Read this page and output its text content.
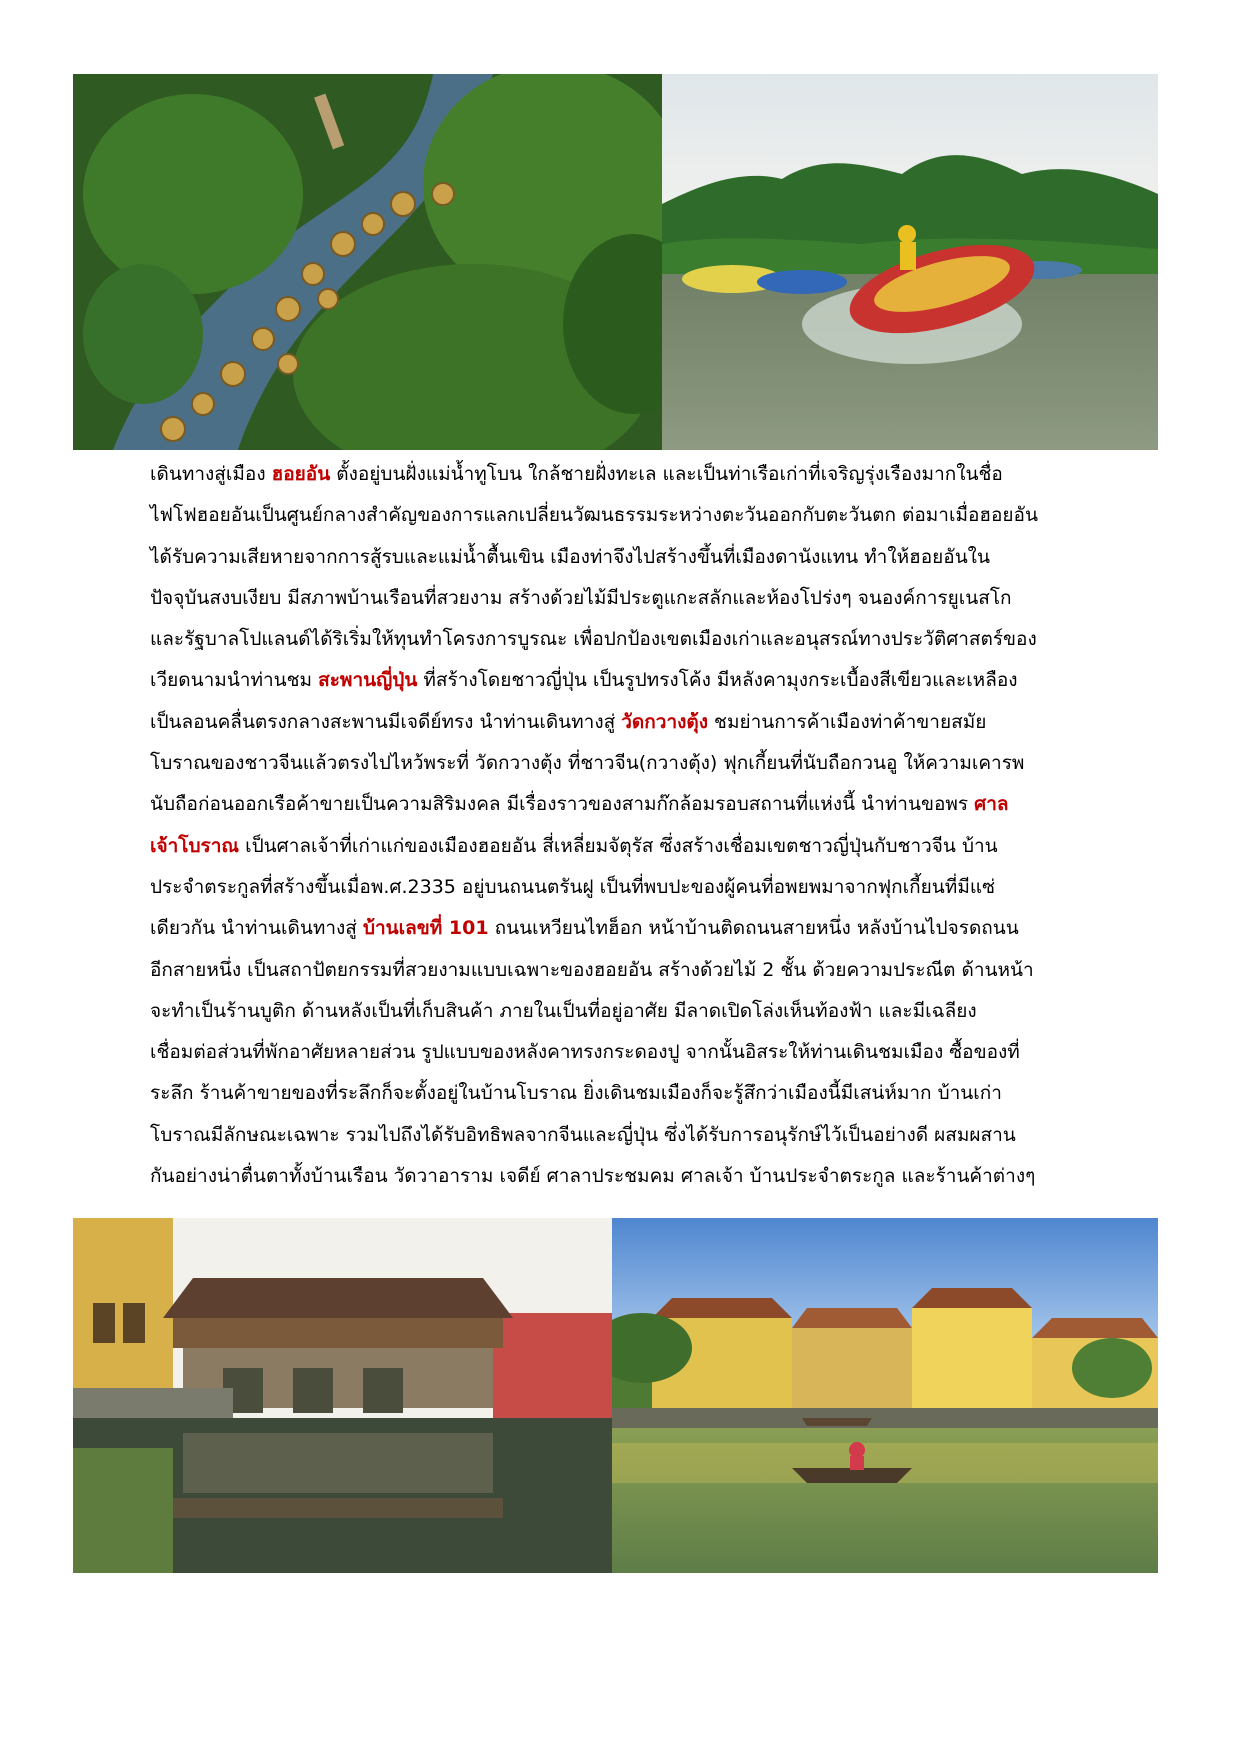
เดินทางสู่เมือง ฮอยอัน ตั้งอยู่บนฝั่งแม่น้ำทูโบน ใกล้ชายฝั่งทะเล และเป็นท่าเรือเก่าที่เจริญรุ่งเรืองมากในชื่อ
ไฟโฟฮอยอันเป็นศูนย์กลางสำคัญของการแลกเปลี่ยนวัฒนธรรมระหว่างตะวันออกกับตะวันตก ต่อมาเมื่อฮอยอัน
ได้รับความเสียหายจากการสู้รบและแม่น้ำตื้นเขิน เมืองท่าจึงไปสร้างขึ้นที่เมืองดานังแทน ทำให้ฮอยอันใน
ปัจจุบันสงบเงียบ มีสภาพบ้านเรือนที่สวยงาม สร้างด้วยไม้มีประตูแกะสลักและห้องโปร่งๆ จนองค์การยูเนสโก
และรัฐบาลโปแลนด์ได้ริเริ่มให้ทุนทำโครงการบูรณะ เพื่อปกป้องเขตเมืองเก่าและอนุสรณ์ทางประวัติศาสตร์ของ
เวียดนามนำท่านชม สะพานญี่ปุ่น ที่สร้างโดยชาวญี่ปุ่น เป็นรูปทรงโค้ง มีหลังคามุงกระเบื้องสีเขียวและเหลือง
เป็นลอนคลื่นตรงกลางสะพานมีเจดีย์ทรง นำท่านเดินทางสู่ วัดกวางตุ้ง ชมย่านการค้าเมืองท่าค้าขายสมัย
โบราณของชาวจีนแล้วตรงไปไหว้พระที่ วัดกวางตุ้ง ที่ชาวจีน(กวางตุ้ง) ฟุกเกี้ยนที่นับถือกวนอู ให้ความเคารพ
นับถือก่อนออกเรือค้าขายเป็นความสิริมงคล มีเรื่องราวของสามก๊กล้อมรอบสถานที่แห่งนี้ นำท่านขอพร ศาล
เจ้าโบราณ เป็นศาลเจ้าที่เก่าแก่ของเมืองฮอยอัน สี่เหลี่ยมจัตุรัส ซึ่งสร้างเชื่อมเขตชาวญี่ปุ่นกับชาวจีน บ้าน
ประจำตระกูลที่สร้างขึ้นเมื่อพ.ศ.2335 อยู่บนถนนตรันฝู เป็นที่พบปะของผู้คนที่อพยพมาจากฟุกเกี้ยนที่มีแซ่
เดียวกัน นำท่านเดินทางสู่ บ้านเลขที่ 101 ถนนเหวียนไทฮ็อก หน้าบ้านติดถนนสายหนึ่ง หลังบ้านไปจรดถนน
อีกสายหนึ่ง เป็นสถาปัตยกรรมที่สวยงามแบบเฉพาะของฮอยอัน สร้างด้วยไม้ 2 ชั้น ด้วยความประณีต ด้านหน้า
จะทำเป็นร้านบูติก ด้านหลังเป็นที่เก็บสินค้า ภายในเป็นที่อยู่อาศัย มีลาดเปิดโล่งเห็นท้องฟ้า และมีเฉลียง
เชื่อมต่อส่วนที่พักอาศัยหลายส่วน รูปแบบของหลังคาทรงกระดองปู จากนั้นอิสระให้ท่านเดินชมเมือง ซื้อของที่
ระลึก ร้านค้าขายของที่ระลึกก็จะตั้งอยู่ในบ้านโบราณ ยิ่งเดินชมเมืองก็จะรู้สึกว่าเมืองนี้มีเสน่ห์มาก บ้านเก่า
โบราณมีลักษณะเฉพาะ รวมไปถึงได้รับอิทธิพลจากจีนและญี่ปุ่น ซึ่งได้รับการอนุรักษ์ไว้เป็นอย่างดี ผสมผสาน
กันอย่างน่าตื่นตาทั้งบ้านเรือน วัดวาอาราม เจดีย์ ศาลาประชมคม ศาลเจ้า บ้านประจำตระกูล และร้านค้าต่างๆ
